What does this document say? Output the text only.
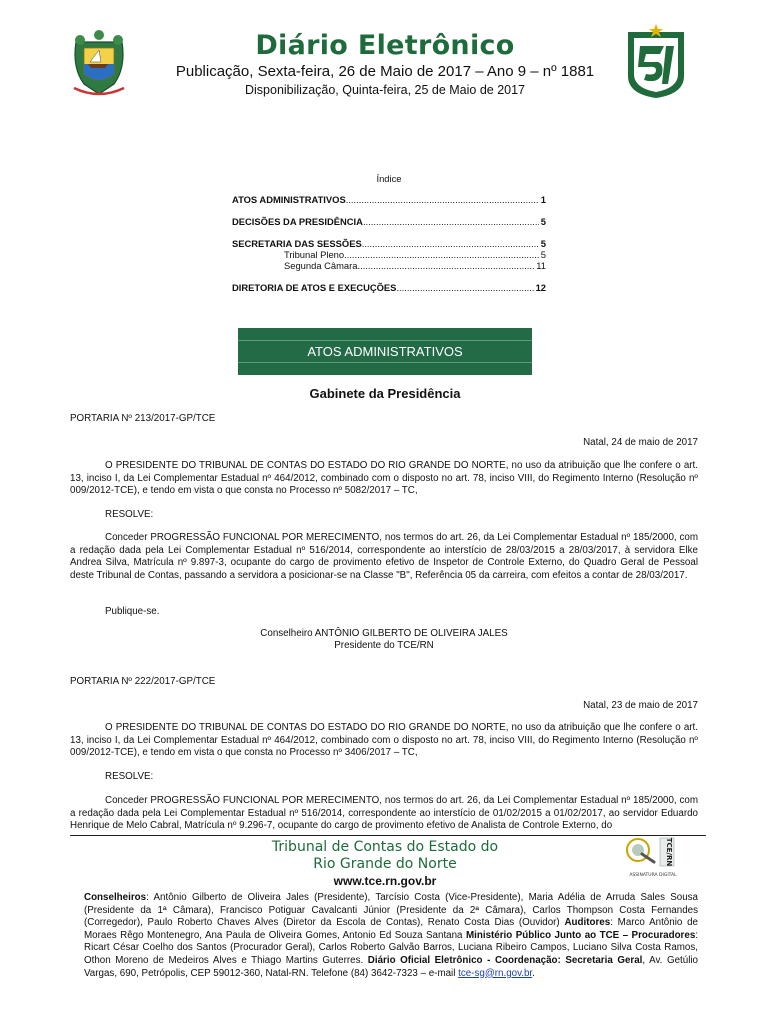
Diário Eletrônico
Publicação, Sexta-feira, 26 de Maio de 2017 – Ano 9 – nº 1881
Disponibilização, Quinta-feira, 25 de Maio de 2017
Índice
ATOS ADMINISTRATIVOS .....	1
DECISÕES DA PRESIDÊNCIA .....	5
SECRETARIA DAS SESSÕES .....	5
Tribunal Pleno .....	5
Segunda Câmara .....	11
DIRETORIA DE ATOS E EXECUÇÕES .....	12
ATOS ADMINISTRATIVOS
Gabinete da Presidência
PORTARIA Nº 213/2017-GP/TCE
Natal, 24 de maio de 2017
O PRESIDENTE DO TRIBUNAL DE CONTAS DO ESTADO DO RIO GRANDE DO NORTE, no uso da atribuição que lhe confere o art. 13, inciso I, da Lei Complementar Estadual nº 464/2012, combinado com o disposto no art. 78, inciso VIII, do Regimento Interno (Resolução nº 009/2012-TCE), e tendo em vista o que consta no Processo nº 5082/2017 – TC,
RESOLVE:
Conceder PROGRESSÃO FUNCIONAL POR MERECIMENTO, nos termos do art. 26, da Lei Complementar Estadual nº 185/2000, com a redação dada pela Lei Complementar Estadual nº 516/2014, correspondente ao interstício de 28/03/2015 a 28/03/2017, à servidora Elke Andrea Silva, Matrícula nº 9.897-3, ocupante do cargo de provimento efetivo de Inspetor de Controle Externo, do Quadro Geral de Pessoal deste Tribunal de Contas, passando a servidora a posicionar-se na Classe "B", Referência 05 da carreira, com efeitos a contar de 28/03/2017.
Publique-se.
Conselheiro ANTÔNIO GILBERTO DE OLIVEIRA JALES
Presidente do TCE/RN
PORTARIA Nº 222/2017-GP/TCE
Natal, 23 de maio de 2017
O PRESIDENTE DO TRIBUNAL DE CONTAS DO ESTADO DO RIO GRANDE DO NORTE, no uso da atribuição que lhe confere o art. 13, inciso I, da Lei Complementar Estadual nº 464/2012, combinado com o disposto no art. 78, inciso VIII, do Regimento Interno (Resolução nº 009/2012-TCE), e tendo em vista o que consta no Processo nº 3406/2017 – TC,
RESOLVE:
Conceder PROGRESSÃO FUNCIONAL POR MERECIMENTO, nos termos do art. 26, da Lei Complementar Estadual nº 185/2000, com a redação dada pela Lei Complementar Estadual nº 516/2014, correspondente ao interstício de 01/02/2015 a 01/02/2017, ao servidor Eduardo Henrique de Melo Cabral, Matrícula nº 9.296-7, ocupante do cargo de provimento efetivo de Analista de Controle Externo, do
Tribunal de Contas do Estado do
Rio Grande do Norte	TCE/RN
ASSINATURA DIGITAL
www.tce.rn.gov.br
Conselheiros: Antônio Gilberto de Oliveira Jales (Presidente), Tarcísio Costa (Vice-Presidente), Maria Adélia de Arruda Sales Sousa (Presidente da 1ª Câmara), Francisco Potiguar Cavalcanti Júnior (Presidente da 2ª Câmara), Carlos Thompson Costa Fernandes (Corregedor), Paulo Roberto Chaves Alves (Diretor da Escola de Contas), Renato Costa Dias (Ouvidor) Auditores: Marco Antônio de Moraes Rêgo Montenegro, Ana Paula de Oliveira Gomes, Antonio Ed Souza Santana Ministério Público Junto ao TCE – Procuradores: Ricart César Coelho dos Santos (Procurador Geral), Carlos Roberto Galvão Barros, Luciana Ribeiro Campos, Luciano Silva Costa Ramos, Othon Moreno de Medeiros Alves e Thiago Martins Guterres. Diário Oficial Eletrônico - Coordenação: Secretaria Geral, Av. Getúlio Vargas, 690, Petrópolis, CEP 59012-360, Natal-RN. Telefone (84) 3642-7323 – e-mail tce-sg@rn.gov.br.
